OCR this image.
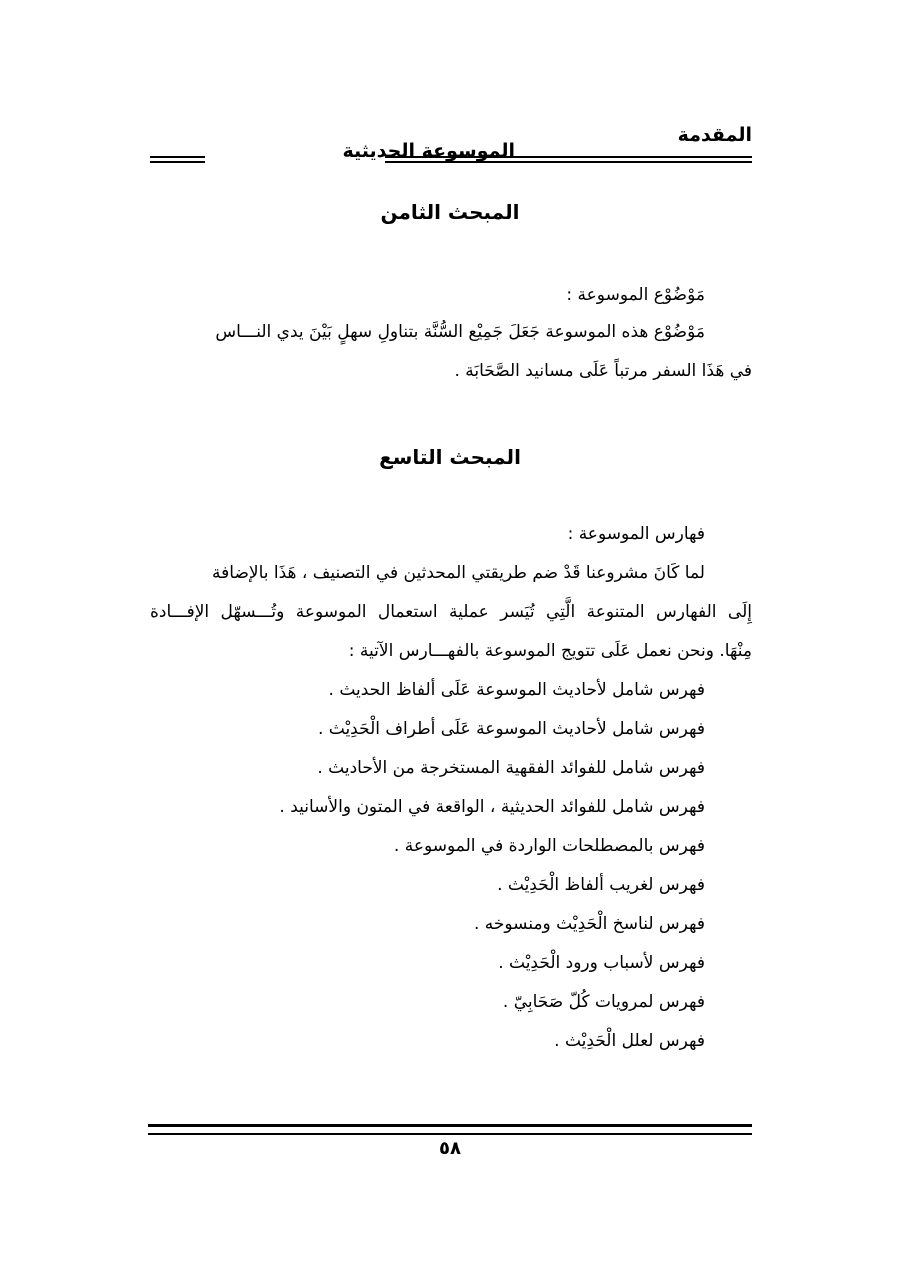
المقدمة
الموسوعة الحديثية
المبحث الثامن
مَوْضُوْع الموسوعة :
مَوْضُوْع هذه الموسوعة جَعَلَ جَمِيْع السُّنَّة بتناولِ سهلٍ بَيْنَ يدي النـــاس
في هَذَا السفر مرتباً عَلَى مسانيد الصَّحَابَة .
المبحث التاسع
فهارس الموسوعة :
لما كَانَ مشروعنا قَدْ ضم طريقتي المحدثين في التصنيف ، هَذَا بالإضافة
إِلَى الفهارس المتنوعة الَّتِي تُيَسر عملية استعمال الموسوعة وتُـــسهّل الإفـــادة
مِنْهَا. ونحن نعمل عَلَى تتويج الموسوعة بالفهـــارس الآتية :
فهرس شامل لأحاديث الموسوعة عَلَى ألفاظ الحديث .
فهرس شامل لأحاديث الموسوعة عَلَى أطراف الْحَدِيْث .
فهرس شامل للفوائد الفقهية المستخرجة من الأحاديث .
فهرس شامل للفوائد الحديثية ، الواقعة في المتون والأسانيد .
فهرس بالمصطلحات الواردة في الموسوعة .
فهرس لغريب ألفاظ الْحَدِيْث .
فهرس لناسخ الْحَدِيْث ومنسوخه .
فهرس لأسباب ورود الْحَدِيْث .
فهرس لمرويات كُلّ صَحَابِيّ .
فهرس لعلل الْحَدِيْث .
٥٨
